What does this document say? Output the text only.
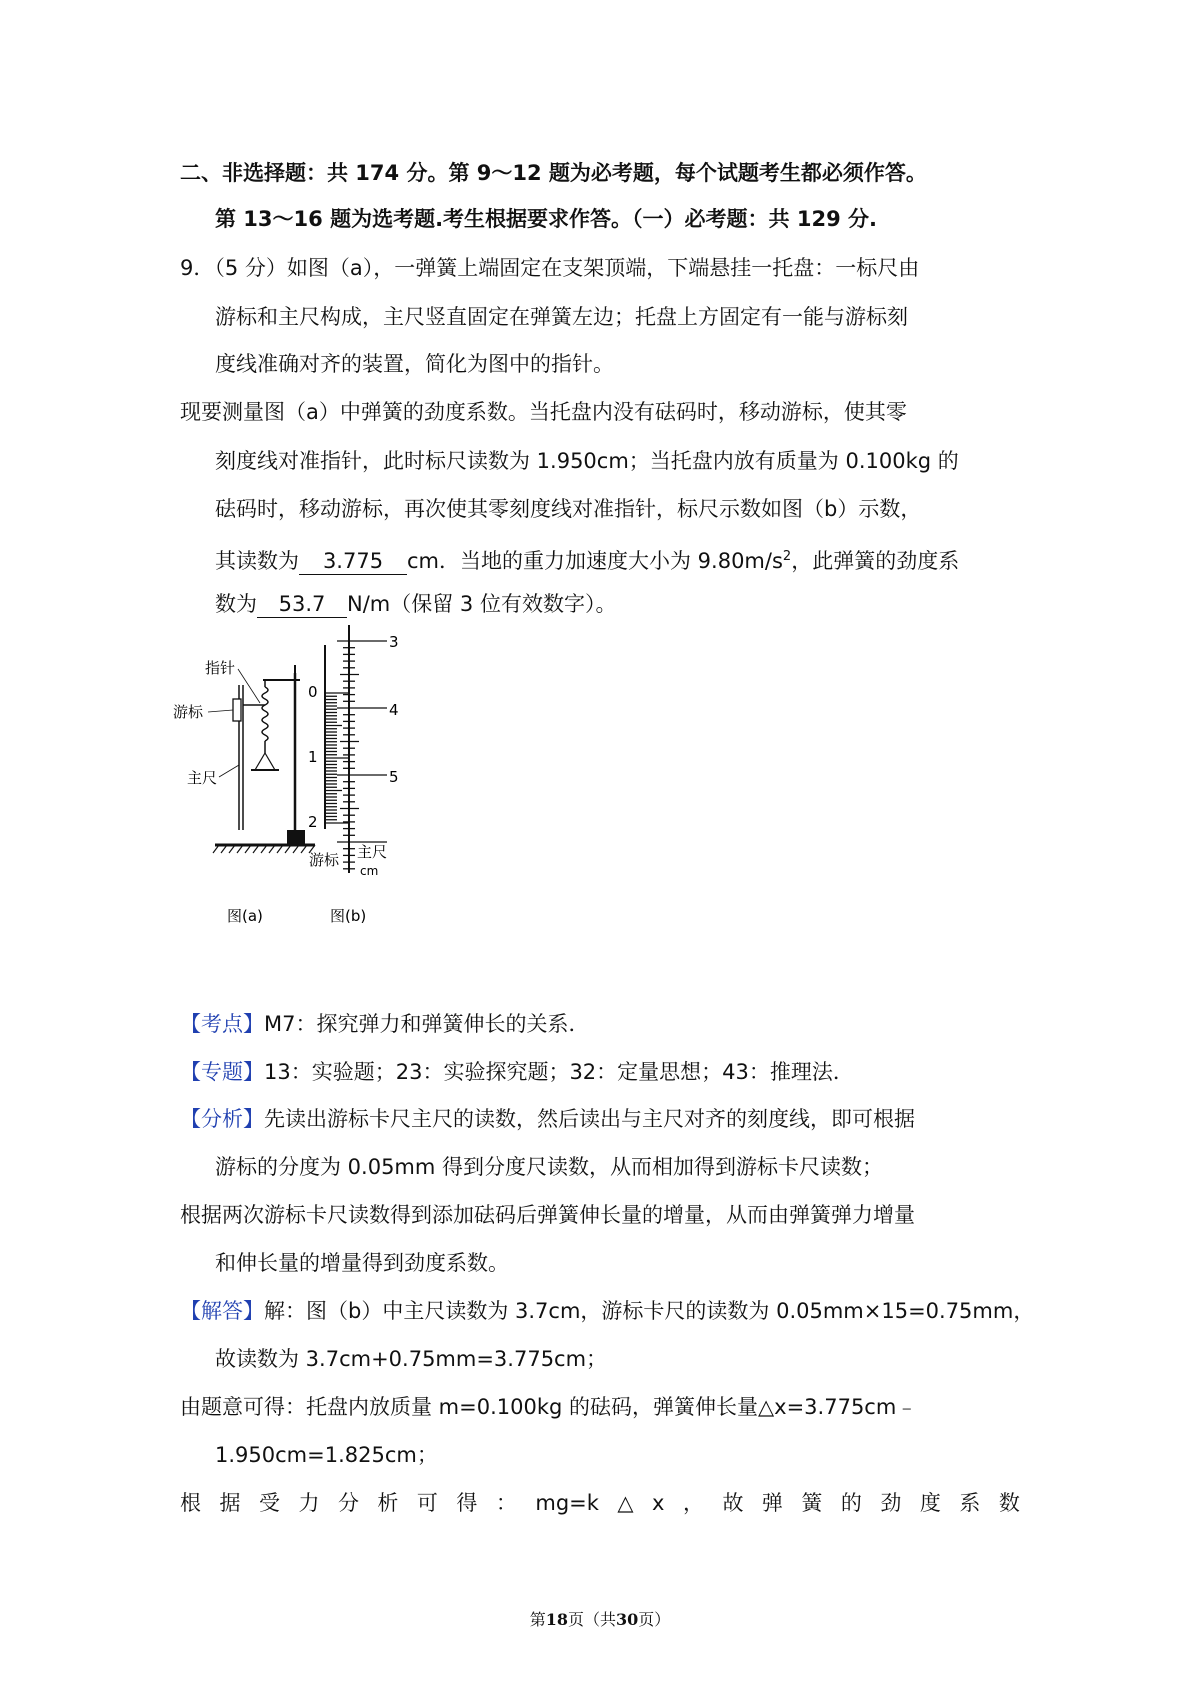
二、非选择题：共 174 分。第 9～12 题为必考题，每个试题考生都必须作答。
第 13～16 题为选考题.考生根据要求作答。（一）必考题：共 129 分.
9．（5 分）如图（a），一弹簧上端固定在支架顶端，下端悬挂一托盘：一标尺由
游标和主尺构成，主尺竖直固定在弹簧左边；托盘上方固定有一能与游标刻
度线准确对齐的装置，简化为图中的指针。
现要测量图（a）中弹簧的劲度系数。当托盘内没有砝码时，移动游标，使其零
刻度线对准指针，此时标尺读数为 1.950cm；当托盘内放有质量为 0.100kg 的
砝码时，移动游标，再次使其零刻度线对准指针，标尺示数如图（b）示数，
其读数为 3.775 cm．当地的重力加速度大小为 $9.80m/s^2$，此弹簧的劲度系
数为 53.7 N/m（保留 3 位有效数字）。
指针
游标
主尺
图(a)
0
1
2
3
4
5
游标 主尺
cm
图(b)
【考点】M7：探究弹力和弹簧伸长的关系．
【专题】13：实验题；23：实验探究题；32：定量思想；43：推理法．
【分析】先读出游标卡尺主尺的读数，然后读出与主尺对齐的刻度线，即可根据
游标的分度为 0.05mm 得到分度尺读数，从而相加得到游标卡尺读数；
根据两次游标卡尺读数得到添加砝码后弹簧伸长量的增量，从而由弹簧弹力增量
和伸长量的增量得到劲度系数。
【解答】解：图（b）中主尺读数为 3.7cm，游标卡尺的读数为 0.05mm×15=0.75mm，
故读数为 3.7cm+0.75mm=3.775cm；
由题意可得：托盘内放质量 m=0.100kg 的砝码，弹簧伸长量△x=3.775cm﹣
1.950cm=1.825cm；
根 据 受 力 分 析 可 得 ： mg=k △ x ， 故 弹 簧 的 劲 度 系 数
第18页（共30页）
